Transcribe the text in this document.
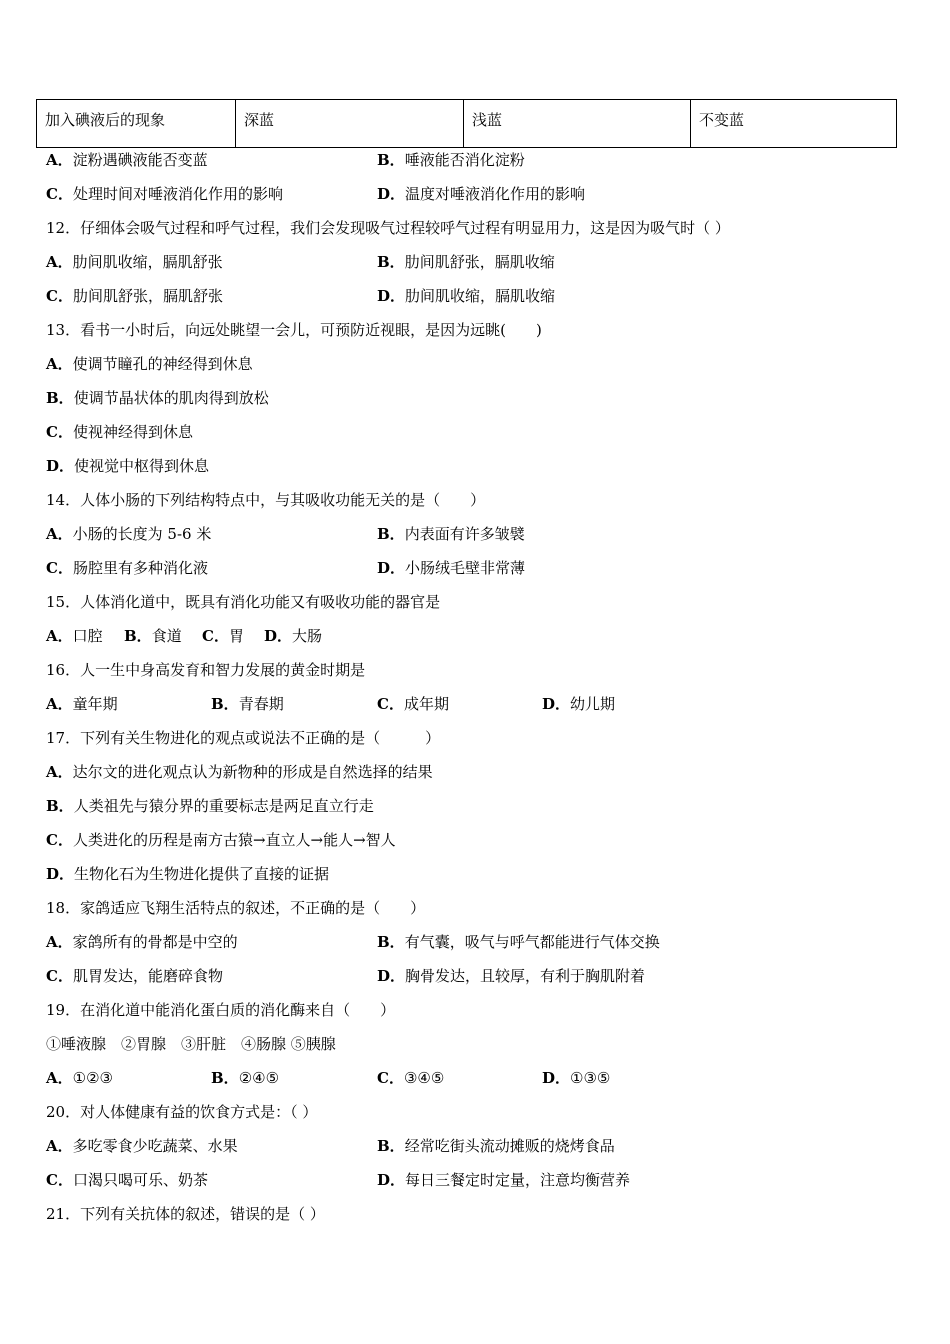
加入碘液后的现象	深蓝	浅蓝	不变蓝
A．淀粉遇碘液能否变蓝	B．唾液能否消化淀粉
C．处理时间对唾液消化作用的影响	D．温度对唾液消化作用的影响
12．仔细体会吸气过程和呼气过程，我们会发现吸气过程较呼气过程有明显用力，这是因为吸气时（ ）
A．肋间肌收缩，膈肌舒张	B．肋间肌舒张，膈肌收缩
C．肋间肌舒张，膈肌舒张	D．肋间肌收缩，膈肌收缩
13．看书一小时后，向远处眺望一会儿，可预防近视眼，是因为远眺(　　)
A．使调节瞳孔的神经得到休息
B．使调节晶状体的肌肉得到放松
C．使视神经得到休息
D．使视觉中枢得到休息
14．人体小肠的下列结构特点中，与其吸收功能无关的是（　　）
A．小肠的长度为 5-6 米	B．内表面有许多皱襞
C．肠腔里有多种消化液	D．小肠绒毛壁非常薄
15．人体消化道中，既具有消化功能又有吸收功能的器官是
A．口腔 B．食道 C．胃 D．大肠
16．人一生中身高发育和智力发展的黄金时期是
A．童年期	B．青春期	C．成年期	D．幼儿期
17．下列有关生物进化的观点或说法不正确的是（　　　）
A．达尔文的进化观点认为新物种的形成是自然选择的结果
B．人类祖先与猿分界的重要标志是两足直立行走
C．人类进化的历程是南方古猿→直立人→能人→智人
D．生物化石为生物进化提供了直接的证据
18．家鸽适应飞翔生活特点的叙述，不正确的是（　　）
A．家鸽所有的骨都是中空的	B．有气囊，吸气与呼气都能进行气体交换
C．肌胃发达，能磨碎食物	D．胸骨发达，且较厚，有利于胸肌附着
19．在消化道中能消化蛋白质的消化酶来自（　　）
①唾液腺　②胃腺　③肝脏　④肠腺 ⑤胰腺
A．①②③	B．②④⑤	C．③④⑤	D．①③⑤
20．对人体健康有益的饮食方式是：（ ）
A．多吃零食少吃蔬菜、水果	B．经常吃街头流动摊贩的烧烤食品
C．口渴只喝可乐、奶茶	D．每日三餐定时定量，注意均衡营养
21．下列有关抗体的叙述，错误的是（ ）
